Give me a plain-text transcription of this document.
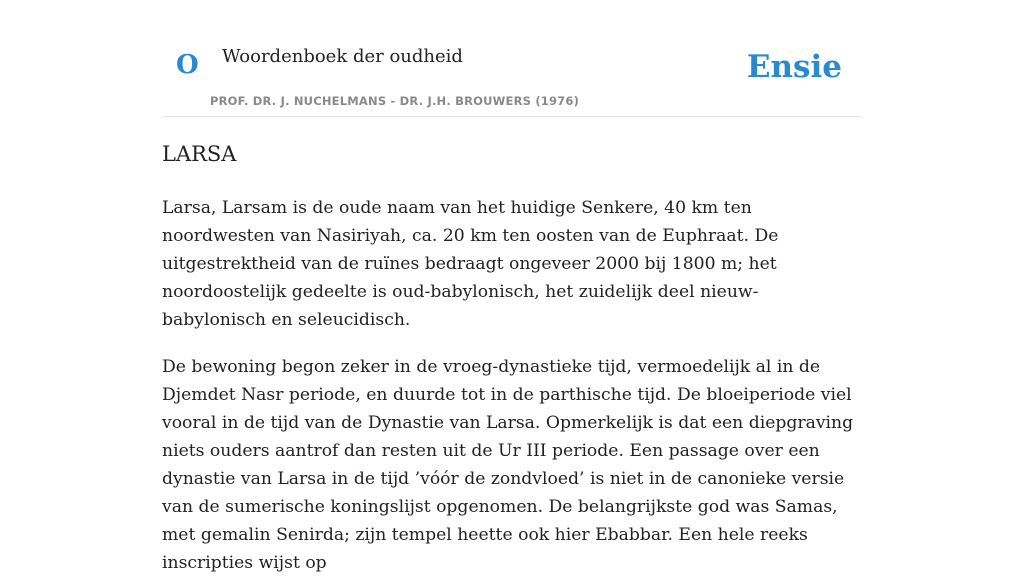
O Woordenboek der oudheid
PROF. DR. J. NUCHELMANS - DR. J.H. BROUWERS (1976)
Ensie
LARSA

Larsa, Larsam is de oude naam van het huidige Senkere, 40 km ten noordwesten van Nasiriyah, ca. 20 km ten oosten van de Euphraat. De uitgestrektheid van de ruïnes bedraagt ongeveer 2000 bij 1800 m; het noordoostelijk gedeelte is oud-babylonisch, het zuidelijk deel nieuw-babylonisch en seleucidisch.

De bewoning begon zeker in de vroeg-dynastieke tijd, vermoedelijk al in de Djemdet Nasr periode, en duurde tot in de parthische tijd. De bloeiperiode viel vooral in de tijd van de Dynastie van Larsa. Opmerkelijk is dat een diepgraving niets ouders aantrof dan resten uit de Ur III periode. Een passage over een dynastie van Larsa in de tijd ’vóór de zondvloed’ is niet in de canonieke versie van de sumerische koningslijst opgenomen. De belangrijkste god was Samas, met gemalin Senirda; zijn tempel heette ook hier Ebabbar. Een hele reeks inscripties wijst op
